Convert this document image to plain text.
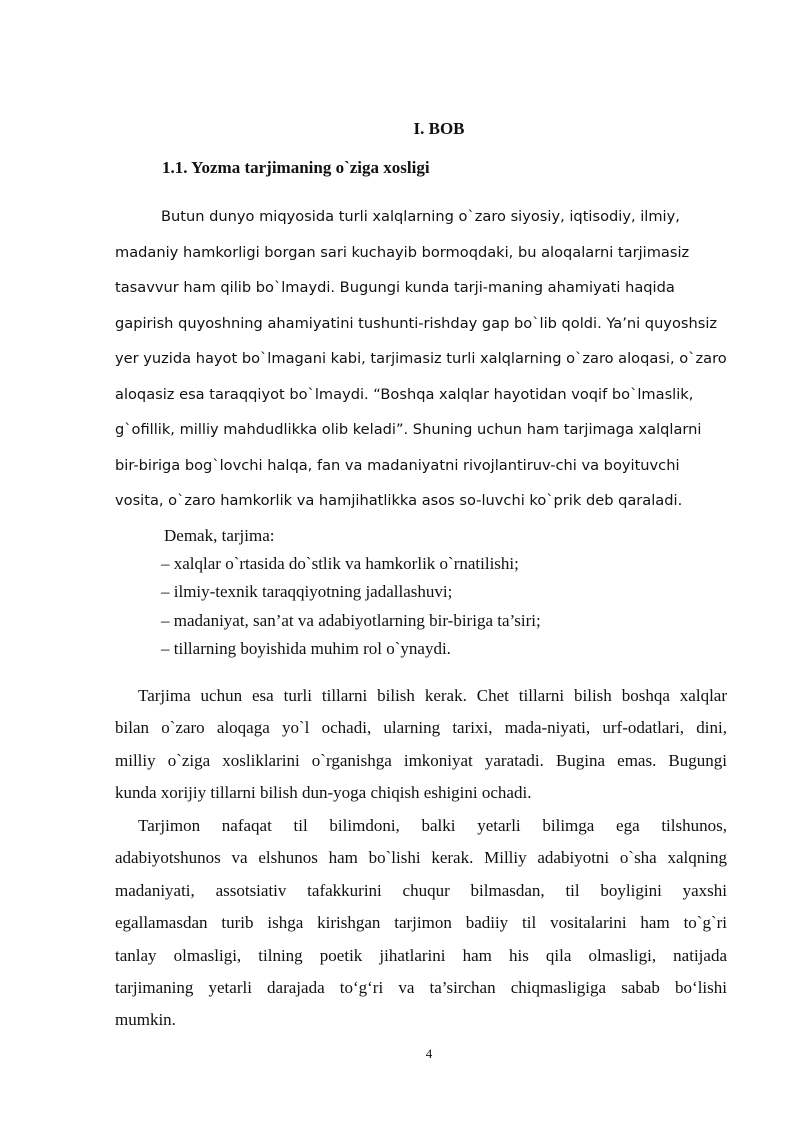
I. BOB
1.1. Yozma tarjimaning o`ziga xosligi

Butun dunyo miqyosida turli xalqlarning o`zaro siyosiy, iqtisodiy, ilmiy,
madaniy hamkorligi borgan sari kuchayib bormoqdaki, bu aloqalarni tarjimasiz
tasavvur ham qilib bo`lmaydi. Bugungi kunda tarji-maning ahamiyati haqida
gapirish quyoshning ahamiyatini tushunti-rishday gap bo`lib qoldi. Ya’ni quyoshsiz
yer yuzida hayot bo`lmagani kabi, tarjimasiz turli xalqlarning o`zaro aloqasi, o`zaro
aloqasiz esa taraqqiyot bo`lmaydi. “Boshqa xalqlar hayotidan voqif bo`lmaslik,
g`ofillik, milliy mahdudlikka olib keladi”. Shuning uchun ham tarjimaga xalqlarni
bir-biriga bog`lovchi halqa, fan va madaniyatni rivojlantiruv-chi va boyituvchi
vosita, o`zaro hamkorlik va hamjihatlikka asos so-luvchi ko`prik deb qaraladi.

Demak, tarjima:
– xalqlar o`rtasida do`stlik va hamkorlik o`rnatilishi;
– ilmiy-texnik taraqqiyotning jadallashuvi;
– madaniyat, san’at va adabiyotlarning bir-biriga ta’siri;
– tillarning boyishida muhim rol o`ynaydi.

Tarjima uchun esa turli tillarni bilish kerak. Chet tillarni bilish boshqa xalqlar
bilan o`zaro aloqaga yo`l ochadi, ularning tarixi, mada-niyati, urf-odatlari, dini,
milliy o`ziga xosliklarini o`rganishga imkoniyat yaratadi. Bugina emas. Bugungi
kunda xorijiy tillarni bilish dun-yoga chiqish eshigini ochadi.

Tarjimon nafaqat til bilimdoni, balki yetarli bilimga ega tilshunos,
adabiyotshunos va elshunos ham bo`lishi kerak. Milliy adabiyotni o`sha xalqning
madaniyati, assotsiativ tafakkurini chuqur bilmasdan, til boyligini yaxshi
egallamasdan turib ishga kirishgan tarjimon badiiy til vositalarini ham to`g`ri
tanlay olmasligi, tilning poetik jihatlarini ham his qila olmasligi, natijada
tarjimaning yetarli darajada to‘g‘ri va ta’sirchan chiqmasligiga sabab bo‘lishi
mumkin.

4
